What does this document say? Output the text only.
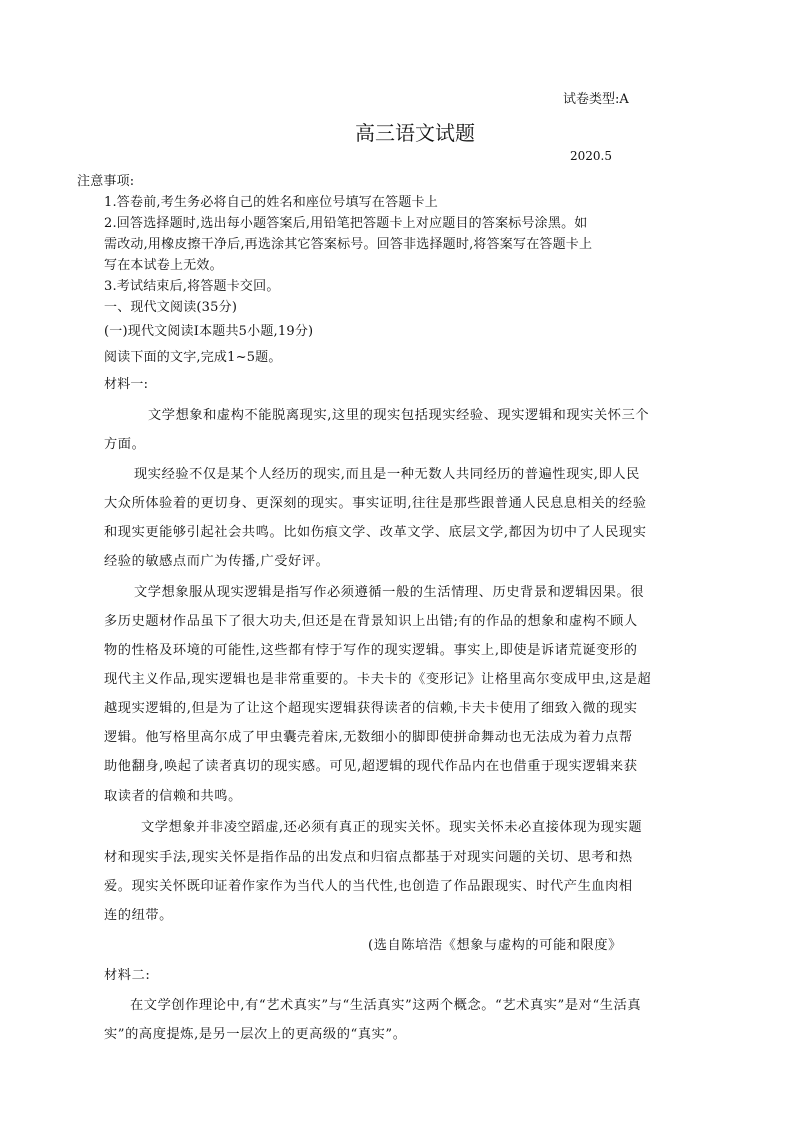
试卷类型:A
高三语文试题
2020.5
注意事项:
1.答卷前,考生务必将自己的姓名和座位号填写在答题卡上
2.回答选择题时,选出每小题答案后,用铅笔把答题卡上对应题目的答案标号涂黑。如
需改动,用橡皮擦干净后,再选涂其它答案标号。回答非选择题时,将答案写在答题卡上
写在本试卷上无效。
3.考试结束后,将答题卡交回。
一、现代文阅读(35分)
(一)现代文阅读Ⅰ本题共5小题,19分)
阅读下面的文字,完成1~5题。
材料一:
文学想象和虚构不能脱离现实,这里的现实包括现实经验、现实逻辑和现实关怀三个
方面。
现实经验不仅是某个人经历的现实,而且是一种无数人共同经历的普遍性现实,即人民
大众所体验着的更切身、更深刻的现实。事实证明,往往是那些跟普通人民息息相关的经验
和现实更能够引起社会共鸣。比如伤痕文学、改革文学、底层文学,都因为切中了人民现实
经验的敏感点而广为传播,广受好评。
文学想象服从现实逻辑是指写作必须遵循一般的生活情理、历史背景和逻辑因果。很
多历史题材作品虽下了很大功夫,但还是在背景知识上出错;有的作品的想象和虚构不顾人
物的性格及环境的可能性,这些都有悖于写作的现实逻辑。事实上,即使是诉诸荒诞变形的
现代主义作品,现实逻辑也是非常重要的。卡夫卡的《变形记》让格里高尔变成甲虫,这是超
越现实逻辑的,但是为了让这个超现实逻辑获得读者的信赖,卡夫卡使用了细致入微的现实
逻辑。他写格里高尔成了甲虫囊壳着床,无数细小的脚即使拼命舞动也无法成为着力点帮
助他翻身,唤起了读者真切的现实感。可见,超逻辑的现代作品内在也借重于现实逻辑来获
取读者的信赖和共鸣。
文学想象并非凌空蹈虚,还必须有真正的现实关怀。现实关怀未必直接体现为现实题
材和现实手法,现实关怀是指作品的出发点和归宿点都基于对现实问题的关切、思考和热
爱。现实关怀既印证着作家作为当代人的当代性,也创造了作品跟现实、时代产生血肉相
连的纽带。
(选自陈培浩《想象与虚构的可能和限度》
材料二:
在文学创作理论中,有“艺术真实”与“生活真实”这两个概念。“艺术真实”是对“生活真
实”的高度提炼,是另一层次上的更高级的“真实”。
